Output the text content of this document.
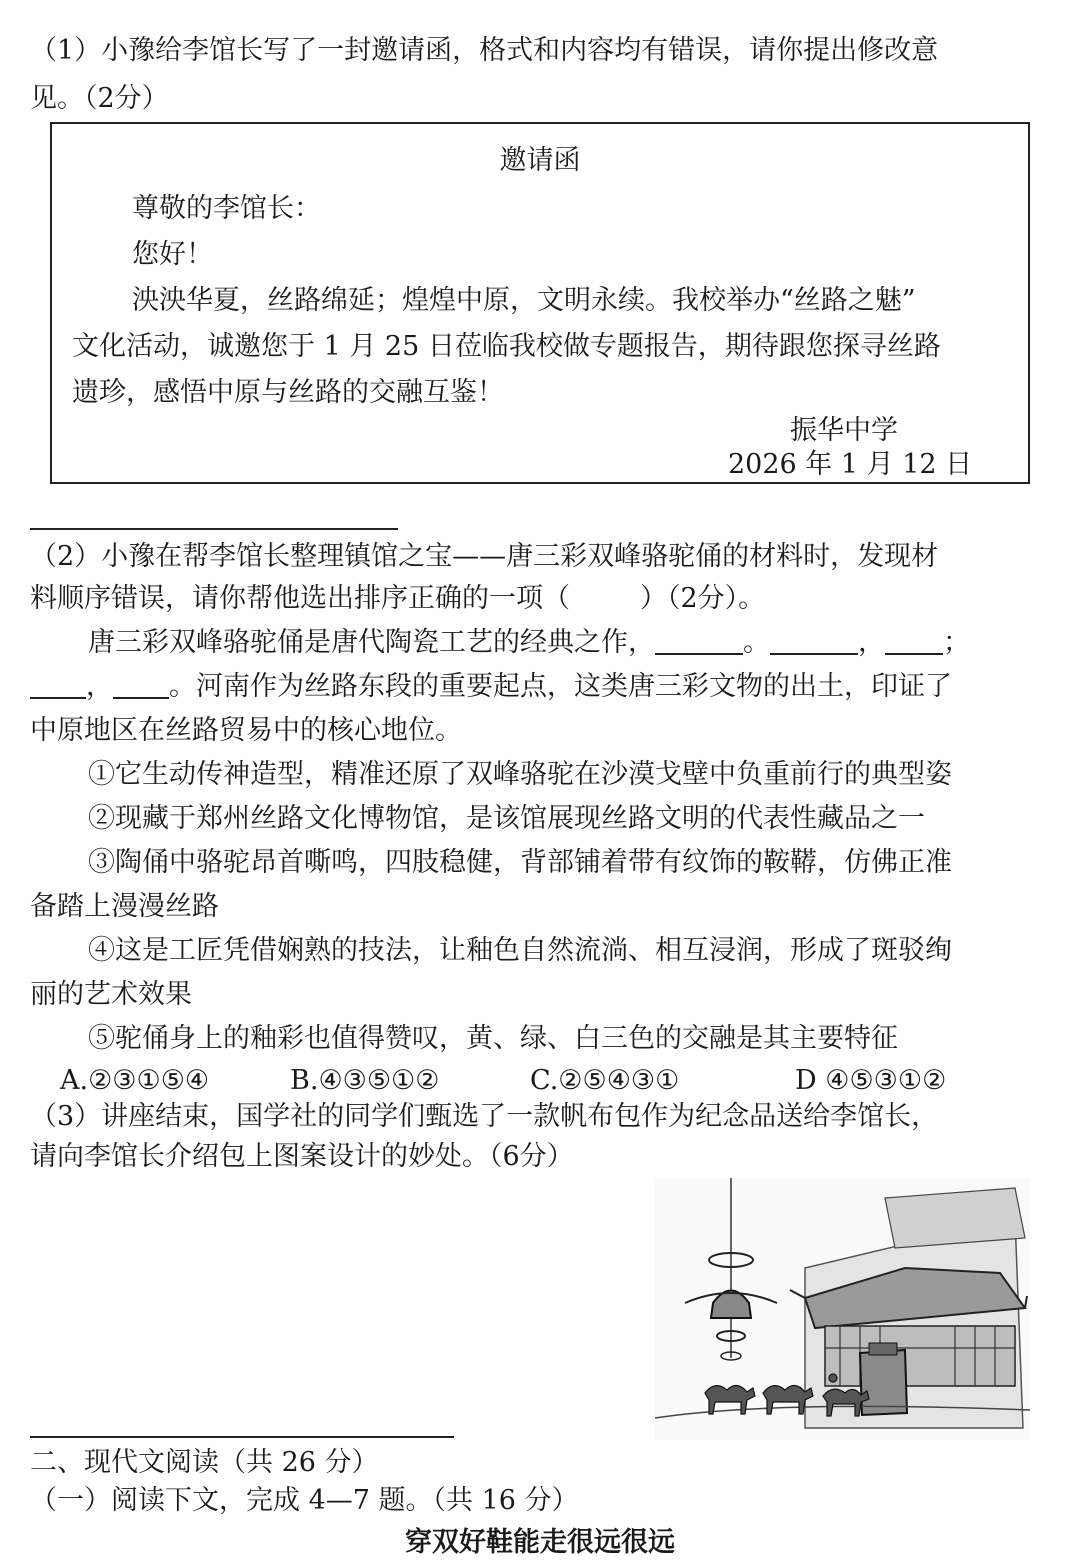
（1）小豫给李馆长写了一封邀请函，格式和内容均有错误，请你提出修改意
见。（2分）
邀请函
尊敬的李馆长：
您好！
泱泱华夏，丝路绵延；煌煌中原，文明永续。我校举办“丝路之魅”
文化活动，诚邀您于 1 月 25 日莅临我校做专题报告，期待跟您探寻丝路
遗珍，感悟中原与丝路的交融互鉴！
振华中学
2026 年 1 月 12 日
（2）小豫在帮李馆长整理镇馆之宝——唐三彩双峰骆驼俑的材料时，发现材
料顺序错误，请你帮他选出排序正确的一项（	）（2分）。
唐三彩双峰骆驼俑是唐代陶瓷工艺的经典之作，	。	， ；
， 。河南作为丝路东段的重要起点，这类唐三彩文物的出土，印证了
中原地区在丝路贸易中的核心地位。
①它生动传神造型，精准还原了双峰骆驼在沙漠戈壁中负重前行的典型姿
②现藏于郑州丝路文化博物馆，是该馆展现丝路文明的代表性藏品之一
③陶俑中骆驼昂首嘶鸣，四肢稳健，背部铺着带有纹饰的鞍鞯，仿佛正准
备踏上漫漫丝路
④这是工匠凭借娴熟的技法，让釉色自然流淌、相互浸润，形成了斑驳绚
丽的艺术效果
⑤驼俑身上的釉彩也值得赞叹，黄、绿、白三色的交融是其主要特征
A.②③①⑤④	B.④③⑤①②	C.②⑤④③①	D ④⑤③①②
（3）讲座结束，国学社的同学们甄选了一款帆布包作为纪念品送给李馆长，
请向李馆长介绍包上图案设计的妙处。（6分）
二、现代文阅读（共 26 分）
（一）阅读下文，完成 4—7 题。（共 16 分）
穿双好鞋能走很远很远
